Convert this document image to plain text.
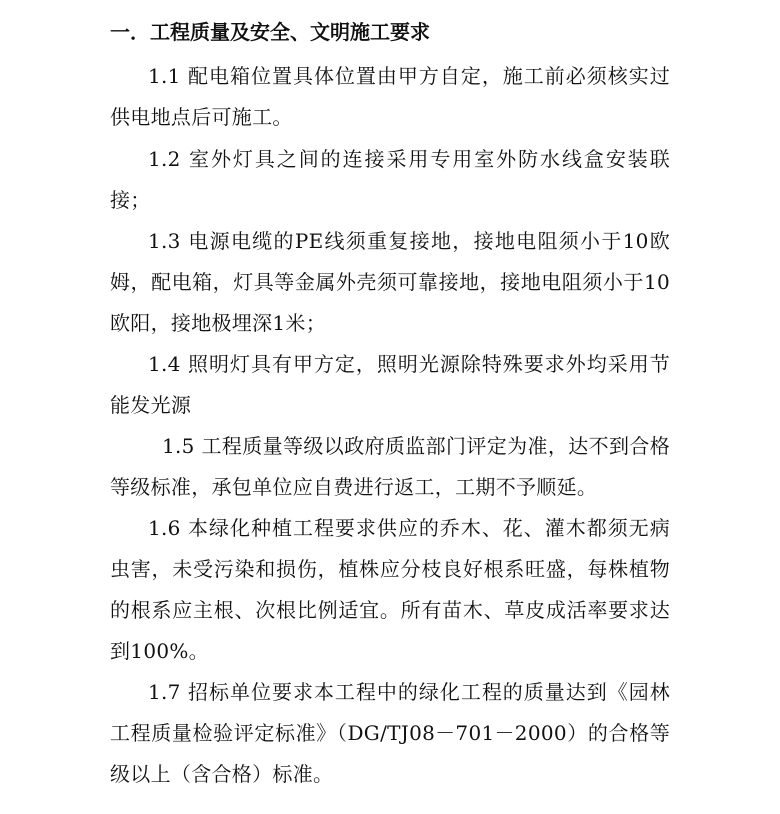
一．工程质量及安全、文明施工要求
1.1 配电箱位置具体位置由甲方自定，施工前必须核实过供电地点后可施工。
1.2 室外灯具之间的连接采用专用室外防水线盒安装联接；
1.3 电源电缆的PE线须重复接地，接地电阻须小于10欧姆，配电箱，灯具等金属外壳须可靠接地，接地电阻须小于10欧阳，接地极埋深1米；
1.4 照明灯具有甲方定，照明光源除特殊要求外均采用节能发光源
1.5 工程质量等级以政府质监部门评定为准，达不到合格等级标准，承包单位应自费进行返工，工期不予顺延。
1.6 本绿化种植工程要求供应的乔木、花、灌木都须无病虫害，未受污染和损伤，植株应分枝良好根系旺盛，每株植物的根系应主根、次根比例适宜。所有苗木、草皮成活率要求达到100%。
1.7 招标单位要求本工程中的绿化工程的质量达到《园林工程质量检验评定标准》（DG/TJ08－701－2000）的合格等级以上（含合格）标准。
